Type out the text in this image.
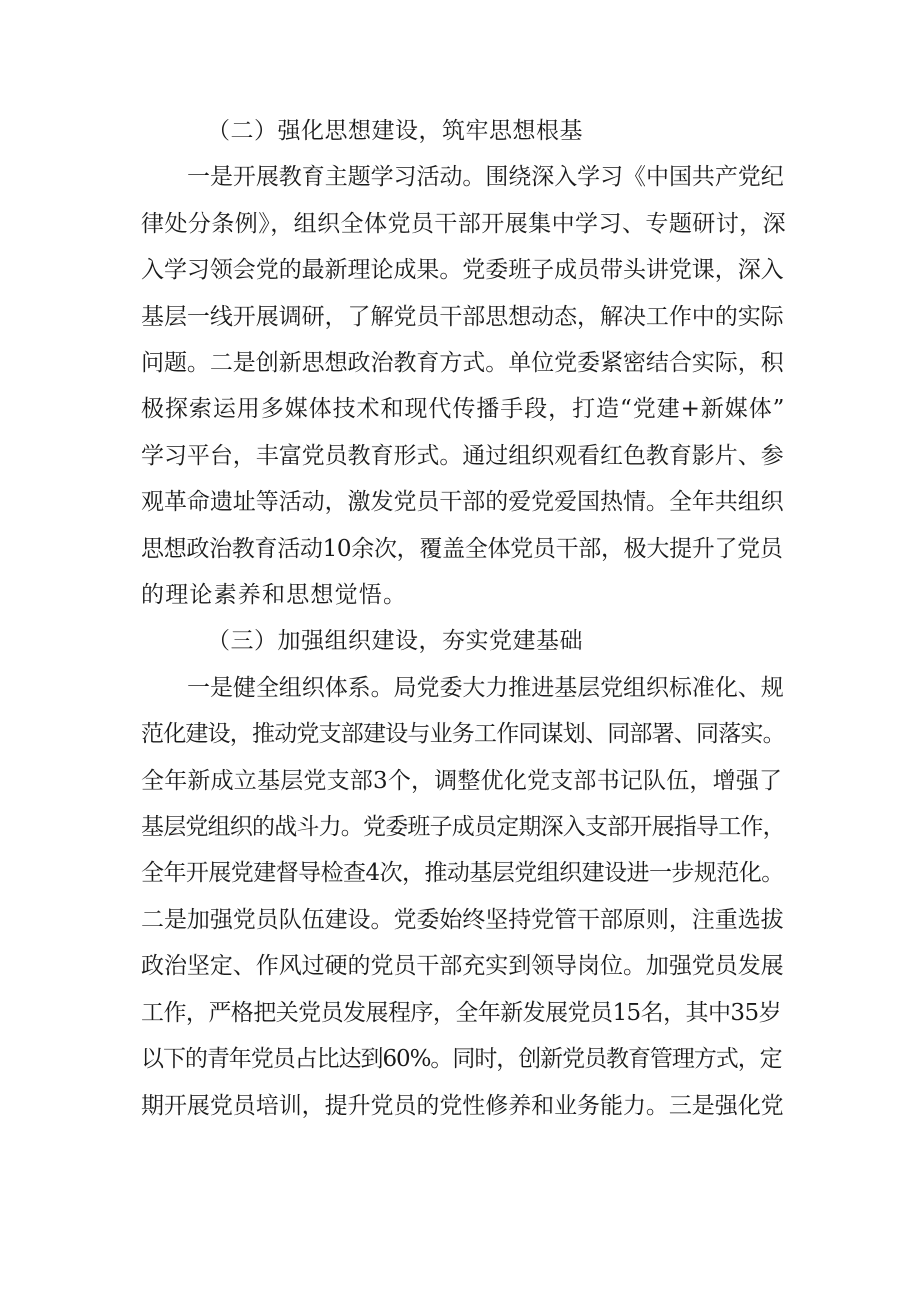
（二）强化思想建设，筑牢思想根基
一是开展教育主题学习活动。围绕深入学习《中国共产党纪
律处分条例》，组织全体党员干部开展集中学习、专题研讨，深
入学习领会党的最新理论成果。党委班子成员带头讲党课，深入
基层一线开展调研，了解党员干部思想动态，解决工作中的实际
问题。二是创新思想政治教育方式。单位党委紧密结合实际，积
极探索运用多媒体技术和现代传播手段，打造“党建+新媒体”
学习平台，丰富党员教育形式。通过组织观看红色教育影片、参
观革命遗址等活动，激发党员干部的爱党爱国热情。全年共组织
思想政治教育活动10余次，覆盖全体党员干部，极大提升了党员
的理论素养和思想觉悟。
（三）加强组织建设，夯实党建基础
一是健全组织体系。局党委大力推进基层党组织标准化、规
范化建设，推动党支部建设与业务工作同谋划、同部署、同落实。
全年新成立基层党支部3个，调整优化党支部书记队伍，增强了
基层党组织的战斗力。党委班子成员定期深入支部开展指导工作，
全年开展党建督导检查4次，推动基层党组织建设进一步规范化。
二是加强党员队伍建设。党委始终坚持党管干部原则，注重选拔
政治坚定、作风过硬的党员干部充实到领导岗位。加强党员发展
工作，严格把关党员发展程序，全年新发展党员15名，其中35岁
以下的青年党员占比达到60%。同时，创新党员教育管理方式，定
期开展党员培训，提升党员的党性修养和业务能力。三是强化党
